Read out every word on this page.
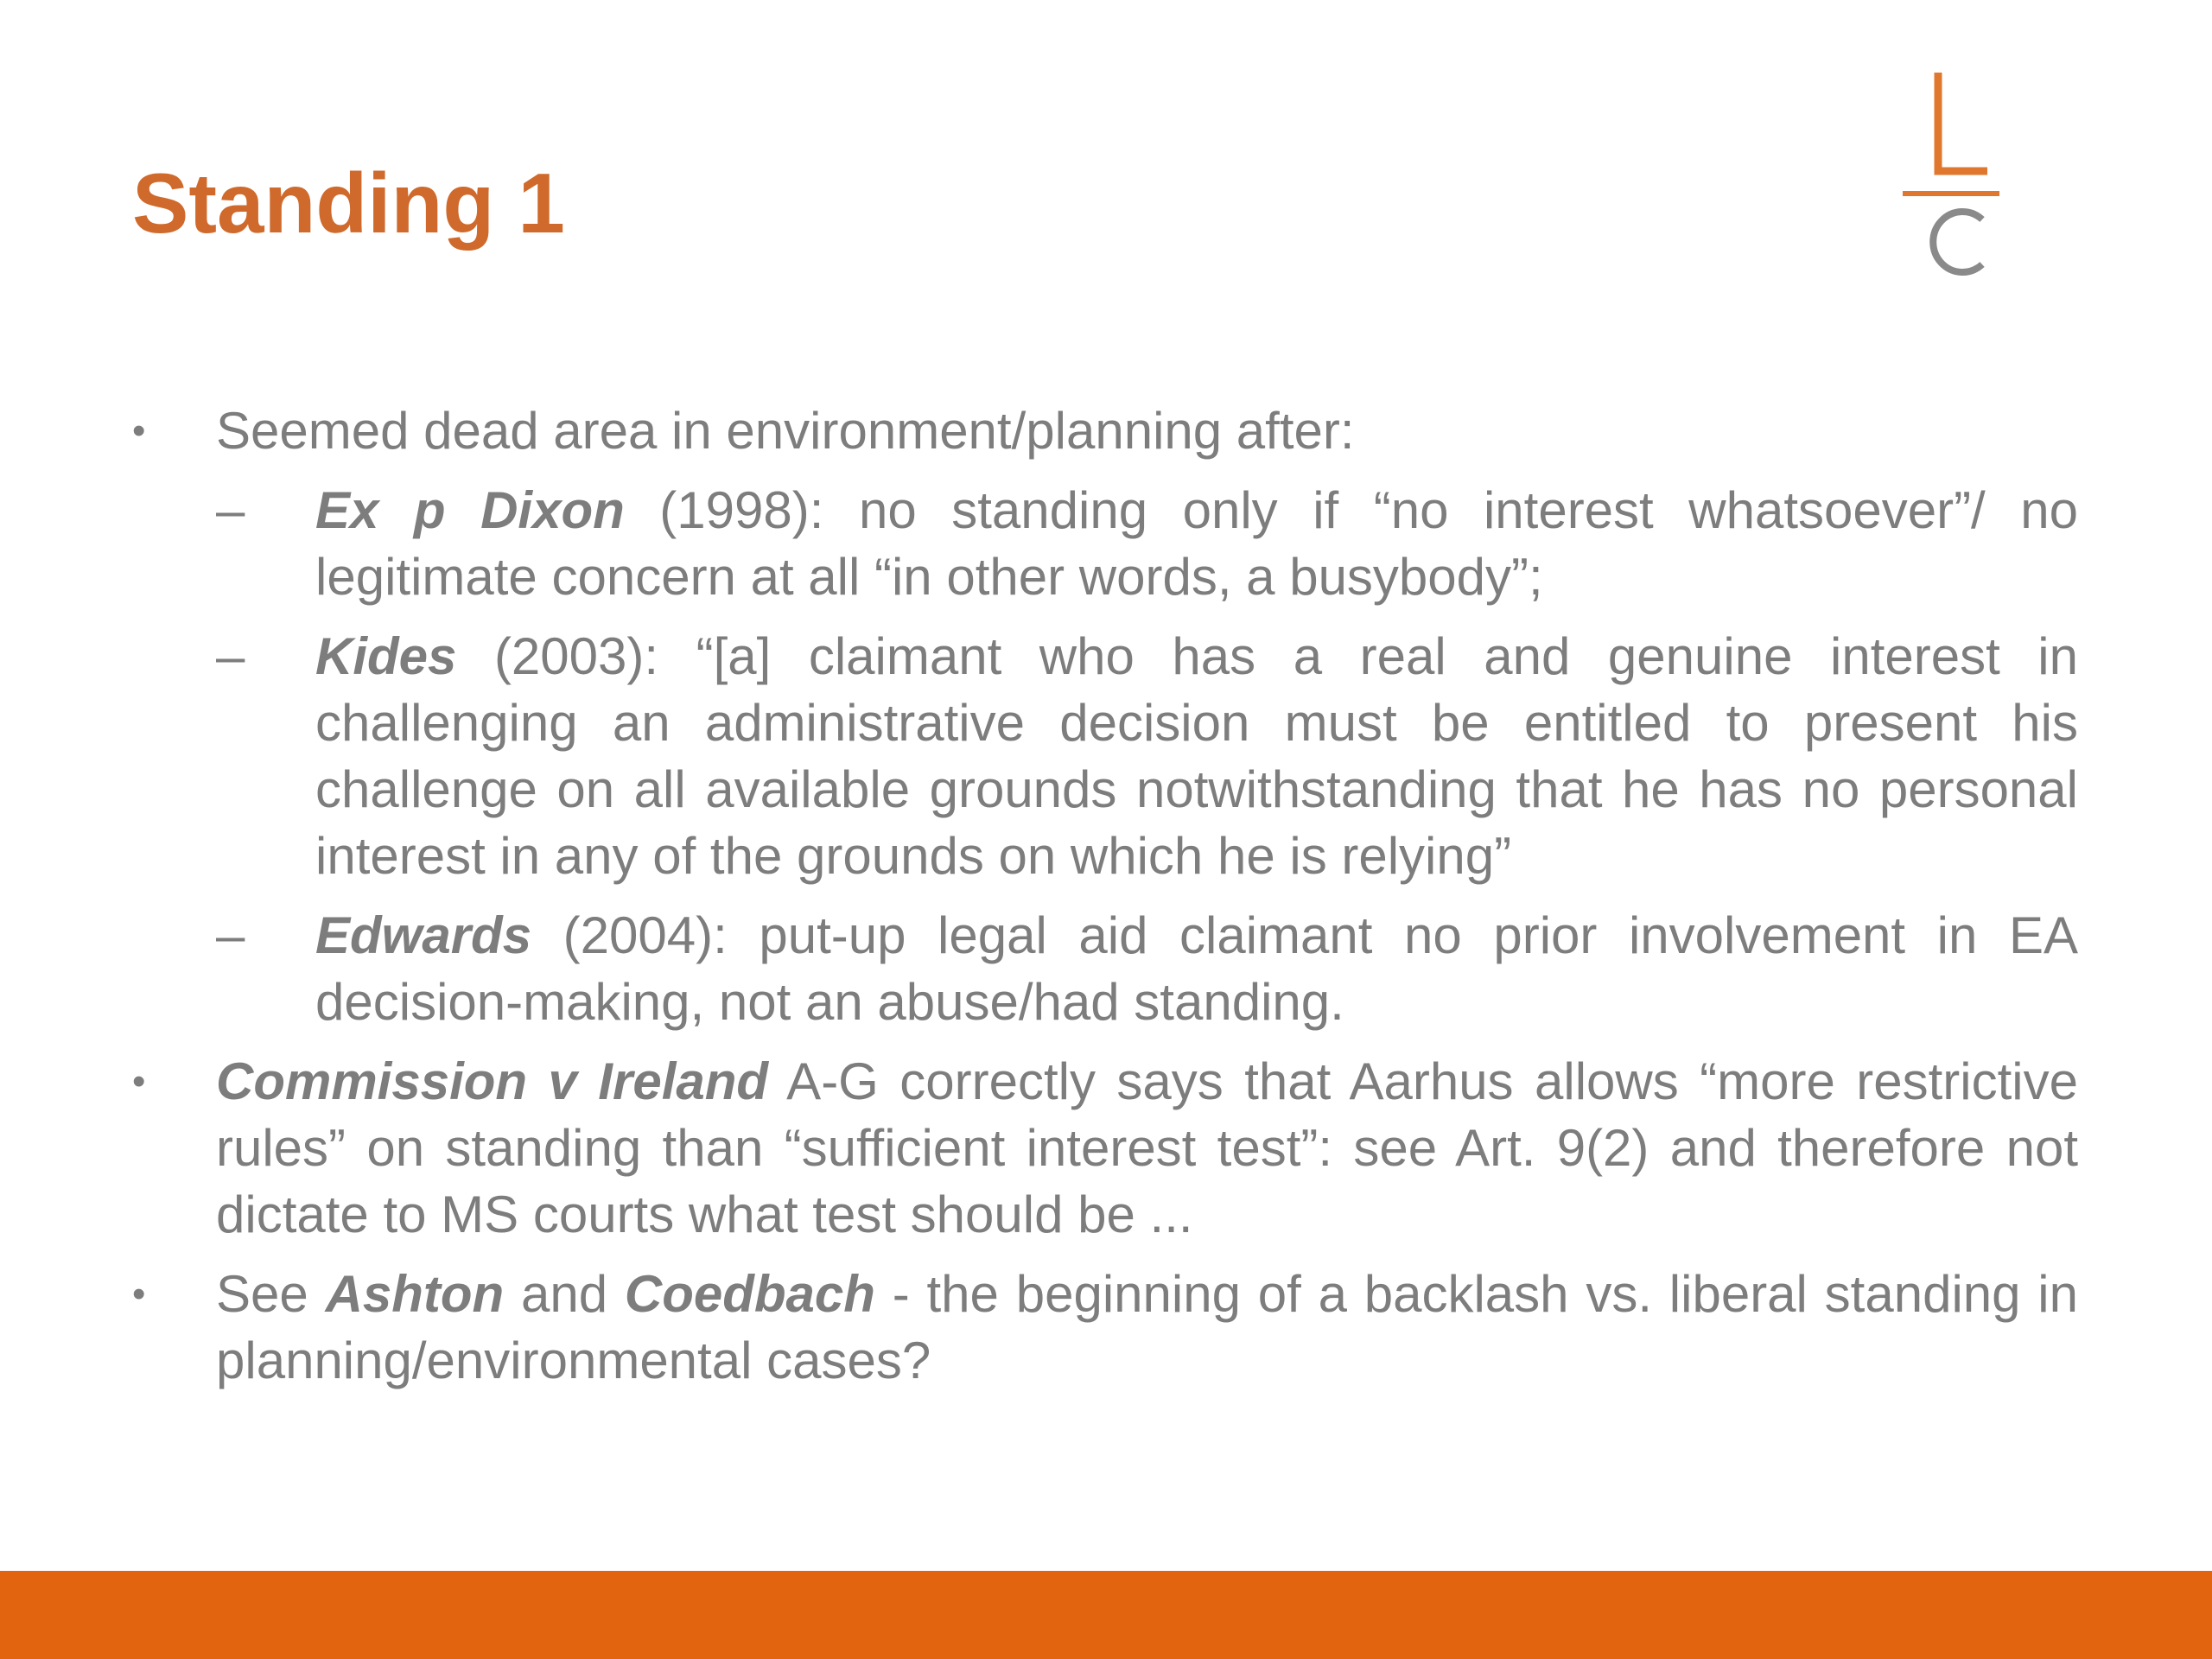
Standing 1
• Seemed dead area in environment/planning after:
– Ex p Dixon (1998): no standing only if “no interest whatsoever”/ no legitimate concern at all “in other words, a busybody”;
– Kides (2003): “[a] claimant who has a real and genuine interest in challenging an administrative decision must be entitled to present his challenge on all available grounds notwithstanding that he has no personal interest in any of the grounds on which he is relying”
– Edwards (2004): put-up legal aid claimant no prior involvement in EA decision-making, not an abuse/had standing.
• Commission v Ireland A-G correctly says that Aarhus allows “more restrictive rules” on standing than “sufficient interest test”: see Art. 9(2) and therefore not dictate to MS courts what test should be ...
• See Ashton and Coedbach - the beginning of a backlash vs. liberal standing in planning/environmental cases?
